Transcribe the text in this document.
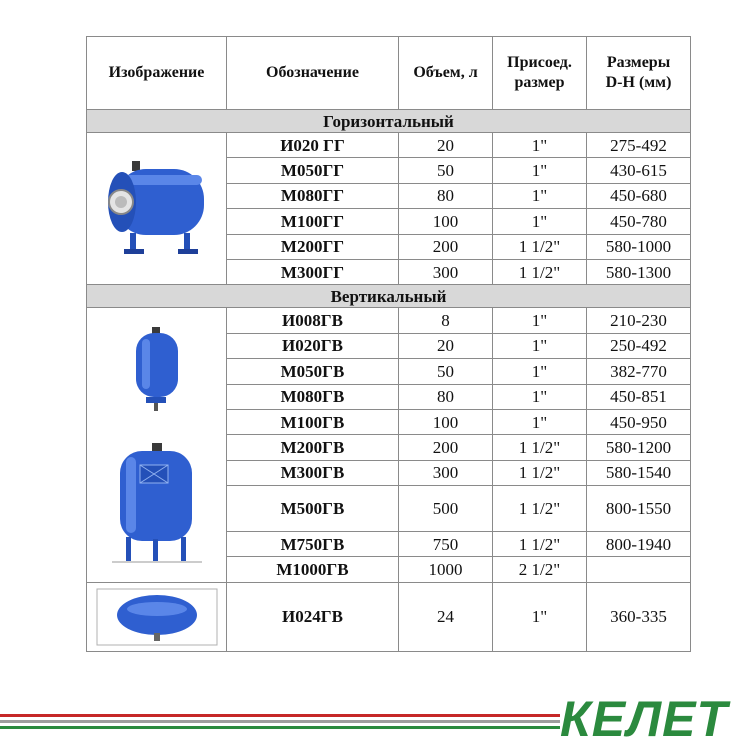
Изображение	Обозначение	Объем, л	Присоед.
размер	Размеры
D-H (мм)
Горизонтальный				

	И020 ГГ	20	1"	275-492
	М050ГГ	50	1"	430-615
	М080ГГ	80	1"	450-680
	М100ГГ	100	1"	450-780
	М200ГГ	200	1 1/2"	580-1000
	М300ГГ	300	1 1/2"	580-1300
Вертикальный				

	И008ГВ	8	1"	210-230
	И020ГВ	20	1"	250-492
	М050ГВ	50	1"	382-770
	М080ГВ	80	1"	450-851
	М100ГВ	100	1"	450-950
	М200ГВ	200	1 1/2"	580-1200
	М300ГВ	300	1 1/2"	580-1540
	М500ГВ	500	1 1/2"	800-1550
	М750ГВ	750	1 1/2"	800-1940
	М1000ГВ	1000	2 1/2"	

	И024ГВ	24	1"	360-335
КЕЛЕТ
